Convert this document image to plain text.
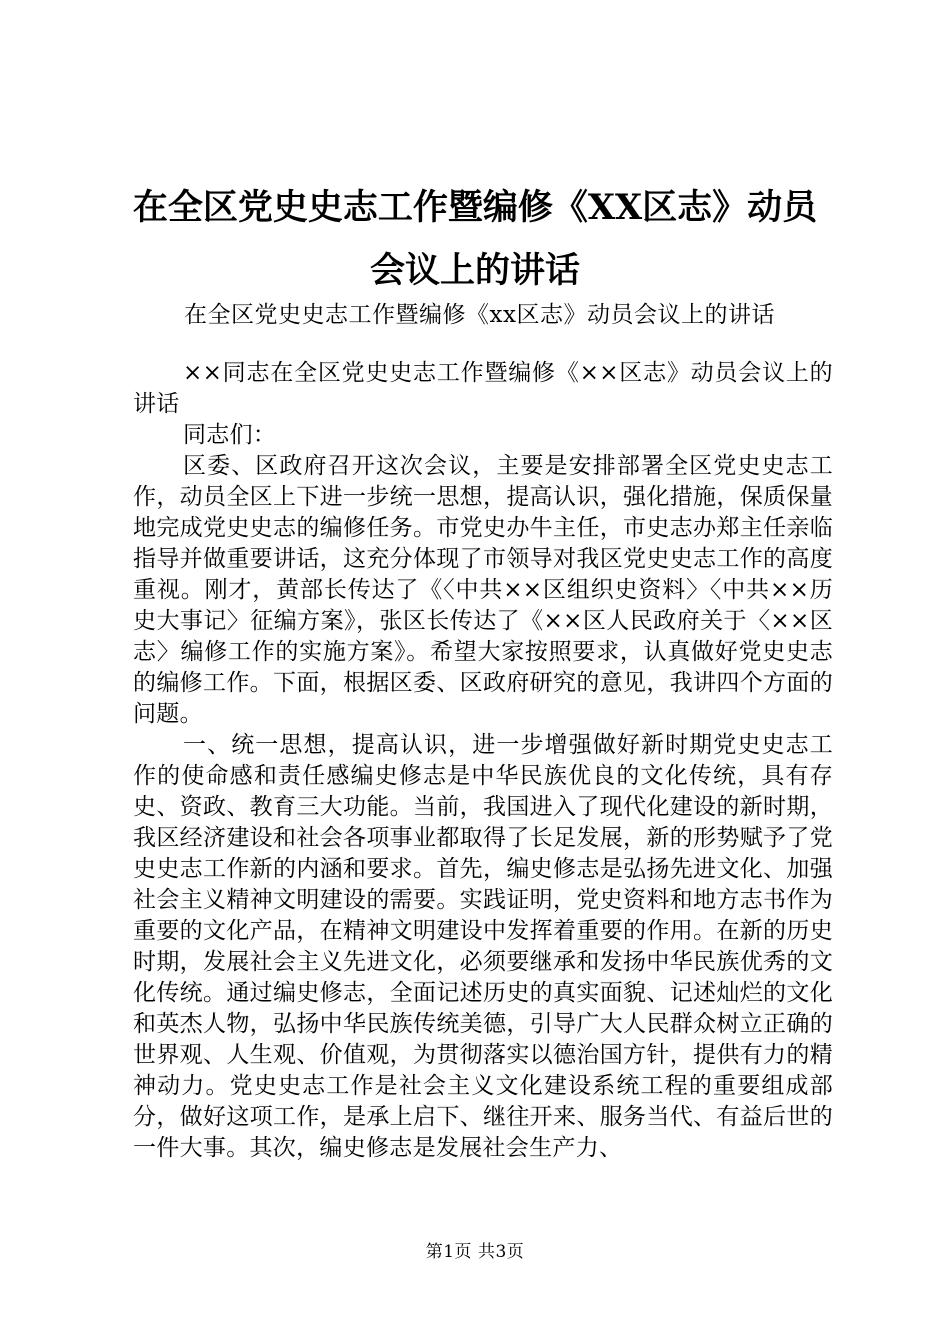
在全区党史史志工作暨编修《XX区志》动员
会议上的讲话
在全区党史史志工作暨编修《xx区志》动员会议上的讲话

××同志在全区党史史志工作暨编修《××区志》动员会议上的讲话

同志们：

区委、区政府召开这次会议，主要是安排部署全区党史史志工作，动员全区上下进一步统一思想，提高认识，强化措施，保质保量地完成党史史志的编修任务。市党史办牛主任，市史志办郑主任亲临指导并做重要讲话，这充分体现了市领导对我区党史史志工作的高度重视。刚才，黄部长传达了《〈中共××区组织史资料〉〈中共××历史大事记〉征编方案》，张区长传达了《××区人民政府关于〈××区志〉编修工作的实施方案》。希望大家按照要求，认真做好党史史志的编修工作。下面，根据区委、区政府研究的意见，我讲四个方面的问题。

一、统一思想，提高认识，进一步增强做好新时期党史史志工作的使命感和责任感编史修志是中华民族优良的文化传统，具有存史、资政、教育三大功能。当前，我国进入了现代化建设的新时期，我区经济建设和社会各项事业都取得了长足发展，新的形势赋予了党史史志工作新的内涵和要求。首先，编史修志是弘扬先进文化、加强社会主义精神文明建设的需要。实践证明，党史资料和地方志书作为重要的文化产品，在精神文明建设中发挥着重要的作用。在新的历史时期，发展社会主义先进文化，必须要继承和发扬中华民族优秀的文化传统。通过编史修志，全面记述历史的真实面貌、记述灿烂的文化和英杰人物，弘扬中华民族传统美德，引导广大人民群众树立正确的世界观、人生观、价值观，为贯彻落实以德治国方针，提供有力的精神动力。党史史志工作是社会主义文化建设系统工程的重要组成部分，做好这项工作，是承上启下、继往开来、服务当代、有益后世的一件大事。其次，编史修志是发展社会生产力、

第1页 共3页
